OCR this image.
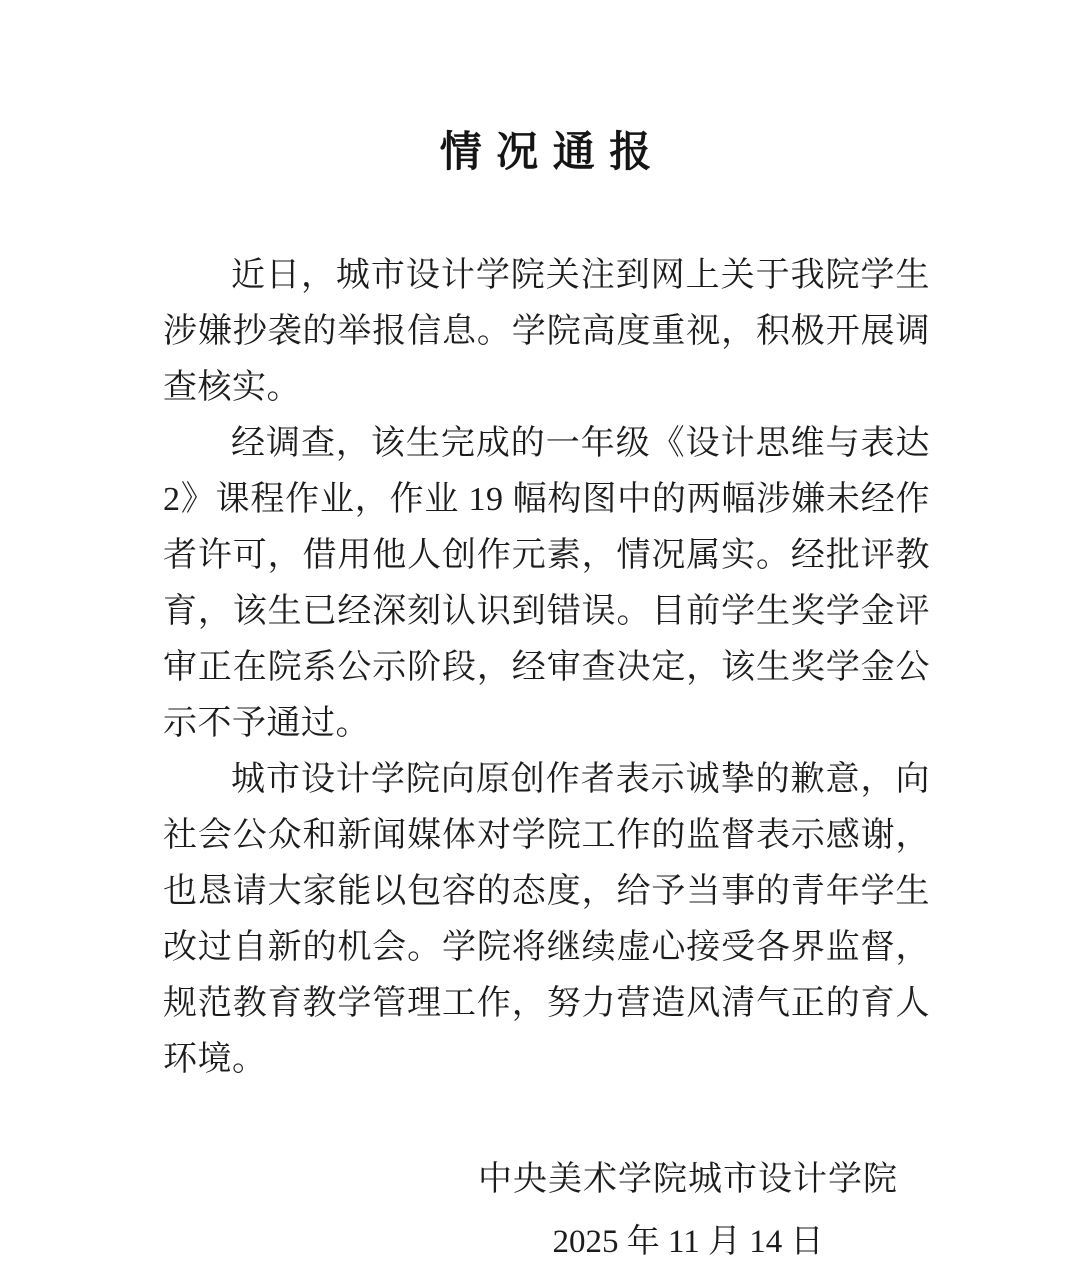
情 况 通 报

近日，城市设计学院关注到网上关于我院学生涉嫌抄袭的举报信息。学院高度重视，积极开展调查核实。

经调查，该生完成的一年级《设计思维与表达 2》课程作业，作业 19 幅构图中的两幅涉嫌未经作者许可，借用他人创作元素，情况属实。经批评教育，该生已经深刻认识到错误。目前学生奖学金评审正在院系公示阶段，经审查决定，该生奖学金公示不予通过。

城市设计学院向原创作者表示诚挚的歉意，向社会公众和新闻媒体对学院工作的监督表示感谢，也恳请大家能以包容的态度，给予当事的青年学生改过自新的机会。学院将继续虚心接受各界监督，规范教育教学管理工作，努力营造风清气正的育人环境。

中央美术学院城市设计学院
2025 年 11 月 14 日
